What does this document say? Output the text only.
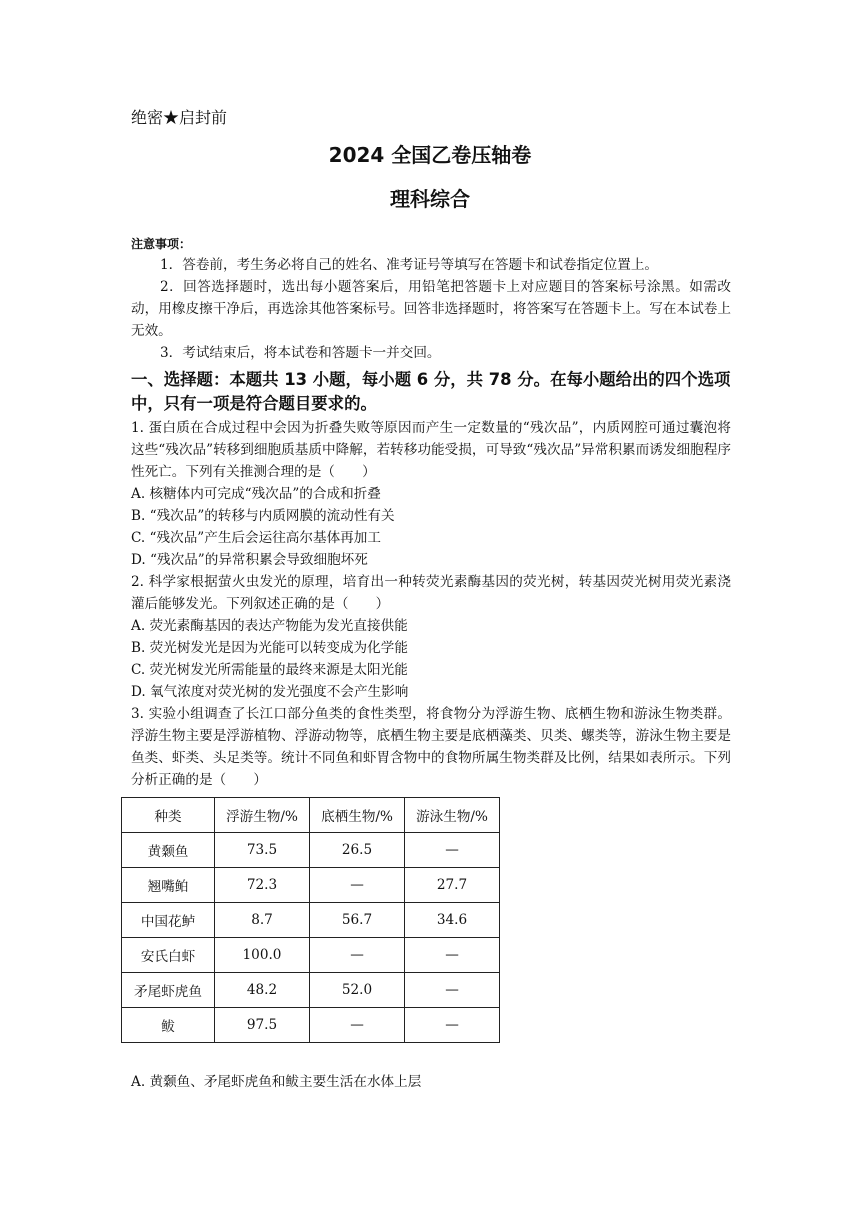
绝密★启封前
2024 全国乙卷压轴卷
理科综合
注意事项：

1．答卷前，考生务必将自己的姓名、准考证号等填写在答题卡和试卷指定位置上。

2．回答选择题时，选出每小题答案后，用铅笔把答题卡上对应题目的答案标号涂黑。如需改动，用橡皮擦干净后，再选涂其他答案标号。回答非选择题时，将答案写在答题卡上。写在本试卷上无效。

3．考试结束后，将本试卷和答题卡一并交回。

一、选择题：本题共 13 小题，每小题 6 分，共 78 分。在每小题给出的四个选项中，只有一项是符合题目要求的。

1. 蛋白质在合成过程中会因为折叠失败等原因而产生一定数量的“残次品”，内质网腔可通过囊泡将这些“残次品”转移到细胞质基质中降解，若转移功能受损，可导致“残次品”异常积累而诱发细胞程序性死亡。下列有关推测合理的是（　　）

A. 核糖体内可完成“残次品”的合成和折叠

B. “残次品”的转移与内质网膜的流动性有关

C. “残次品”产生后会运往高尔基体再加工

D. “残次品”的异常积累会导致细胞坏死

2. 科学家根据萤火虫发光的原理，培育出一种转荧光素酶基因的荧光树，转基因荧光树用荧光素浇灌后能够发光。下列叙述正确的是（　　）

A. 荧光素酶基因的表达产物能为发光直接供能

B. 荧光树发光是因为光能可以转变成为化学能

C. 荧光树发光所需能量的最终来源是太阳光能

D. 氧气浓度对荧光树的发光强度不会产生影响

3. 实验小组调查了长江口部分鱼类的食性类型，将食物分为浮游生物、底栖生物和游泳生物类群。浮游生物主要是浮游植物、浮游动物等，底栖生物主要是底栖藻类、贝类、螺类等，游泳生物主要是鱼类、虾类、头足类等。统计不同鱼和虾胃含物中的食物所属生物类群及比例，结果如表所示。下列分析正确的是（　　）

种类	浮游生物/%	底栖生物/%	游泳生物/%
黄颡鱼	73.5	26.5	—
翘嘴鲌	72.3	—	27.7
中国花鲈	8.7	56.7	34.6
安氏白虾	100.0	—	—
矛尾虾虎鱼	48.2	52.0	—
鲅	97.5	—	—

A. 黄颡鱼、矛尾虾虎鱼和鲅主要生活在水体上层
